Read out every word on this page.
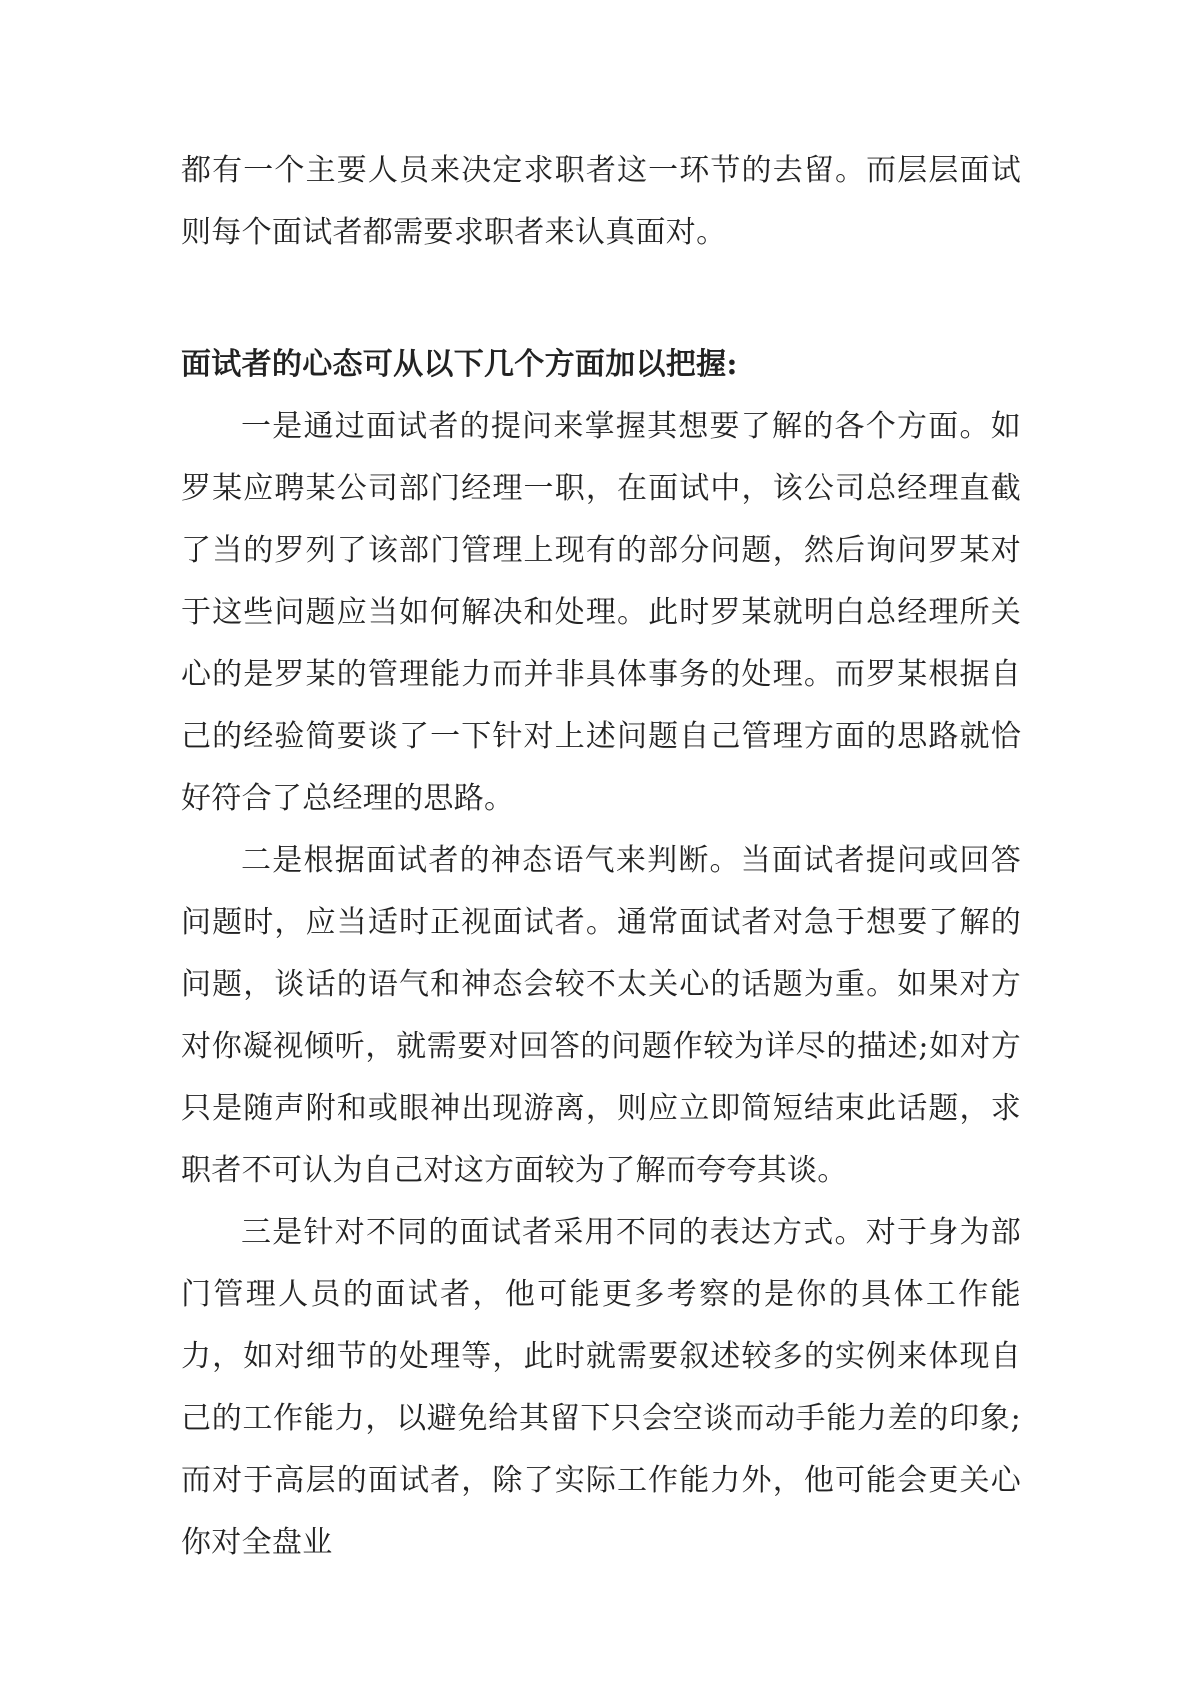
都有一个主要人员来决定求职者这一环节的去留。而层层面试则每个面试者都需要求职者来认真面对。

面试者的心态可从以下几个方面加以把握:

一是通过面试者的提问来掌握其想要了解的各个方面。如罗某应聘某公司部门经理一职，在面试中，该公司总经理直截了当的罗列了该部门管理上现有的部分问题，然后询问罗某对于这些问题应当如何解决和处理。此时罗某就明白总经理所关心的是罗某的管理能力而并非具体事务的处理。而罗某根据自己的经验简要谈了一下针对上述问题自己管理方面的思路就恰好符合了总经理的思路。

二是根据面试者的神态语气来判断。当面试者提问或回答问题时，应当适时正视面试者。通常面试者对急于想要了解的问题，谈话的语气和神态会较不太关心的话题为重。如果对方对你凝视倾听，就需要对回答的问题作较为详尽的描述;如对方只是随声附和或眼神出现游离，则应立即简短结束此话题，求职者不可认为自己对这方面较为了解而夸夸其谈。

三是针对不同的面试者采用不同的表达方式。对于身为部门管理人员的面试者，他可能更多考察的是你的具体工作能力，如对细节的处理等，此时就需要叙述较多的实例来体现自己的工作能力，以避免给其留下只会空谈而动手能力差的印象;而对于高层的面试者，除了实际工作能力外，他可能会更关心你对全盘业
